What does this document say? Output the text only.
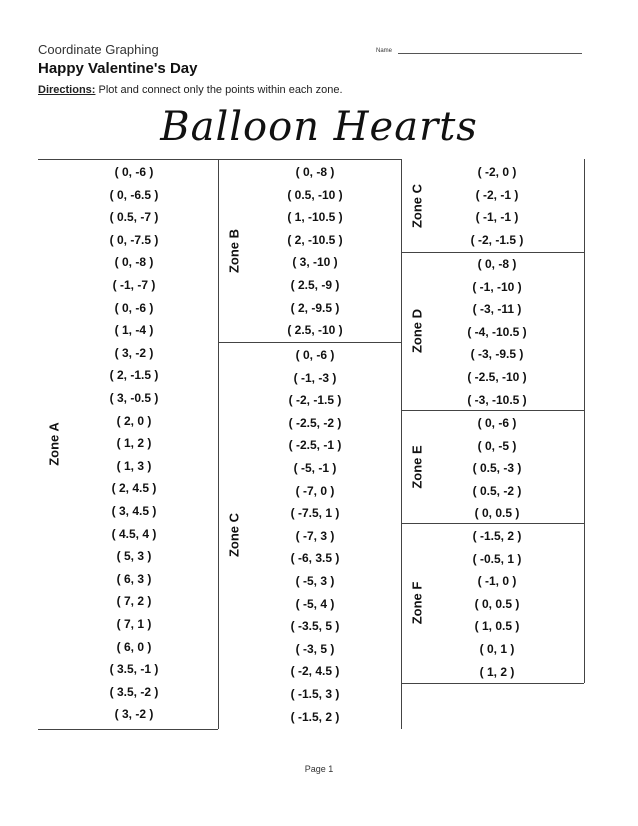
Coordinate Graphing
Happy Valentine's Day
Directions: Plot and connect only the points within each zone.
Name
Balloon Hearts
Zone A
Zone B
Zone C
Zone C
Zone D
Zone E
Zone F
( 0, -6 )
( 0, -6.5 )
( 0.5, -7 )
( 0, -7.5 )
( 0, -8 )
( -1, -7 )
( 0, -6 )
( 1, -4 )
( 3, -2 )
( 2, -1.5 )
( 3, -0.5 )
( 2, 0 )
( 1, 2 )
( 1, 3 )
( 2, 4.5 )
( 3, 4.5 )
( 4.5, 4 )
( 5, 3 )
( 6, 3 )
( 7, 2 )
( 7, 1 )
( 6, 0 )
( 3.5, -1 )
( 3.5, -2 )
( 3, -2 )
( 0, -8 )
( 0.5, -10 )
( 1, -10.5 )
( 2, -10.5 )
( 3, -10 )
( 2.5, -9 )
( 2, -9.5 )
( 2.5, -10 )
( 0, -6 )
( -1, -3 )
( -2, -1.5 )
( -2.5, -2 )
( -2.5, -1 )
( -5, -1 )
( -7, 0 )
( -7.5, 1 )
( -7, 3 )
( -6, 3.5 )
( -5, 3 )
( -5, 4 )
( -3.5, 5 )
( -3, 5 )
( -2, 4.5 )
( -1.5, 3 )
( -1.5, 2 )
( -2, 0 )
( -2, -1 )
( -1, -1 )
( -2, -1.5 )
( 0, -8 )
( -1, -10 )
( -3, -11 )
( -4, -10.5 )
( -3, -9.5 )
( -2.5, -10 )
( -3, -10.5 )
( 0, -6 )
( 0, -5 )
( 0.5, -3 )
( 0.5, -2 )
( 0, 0.5 )
( -1.5, 2 )
( -0.5, 1 )
( -1, 0 )
( 0, 0.5 )
( 1, 0.5 )
( 0, 1 )
( 1, 2 )
Page 1
